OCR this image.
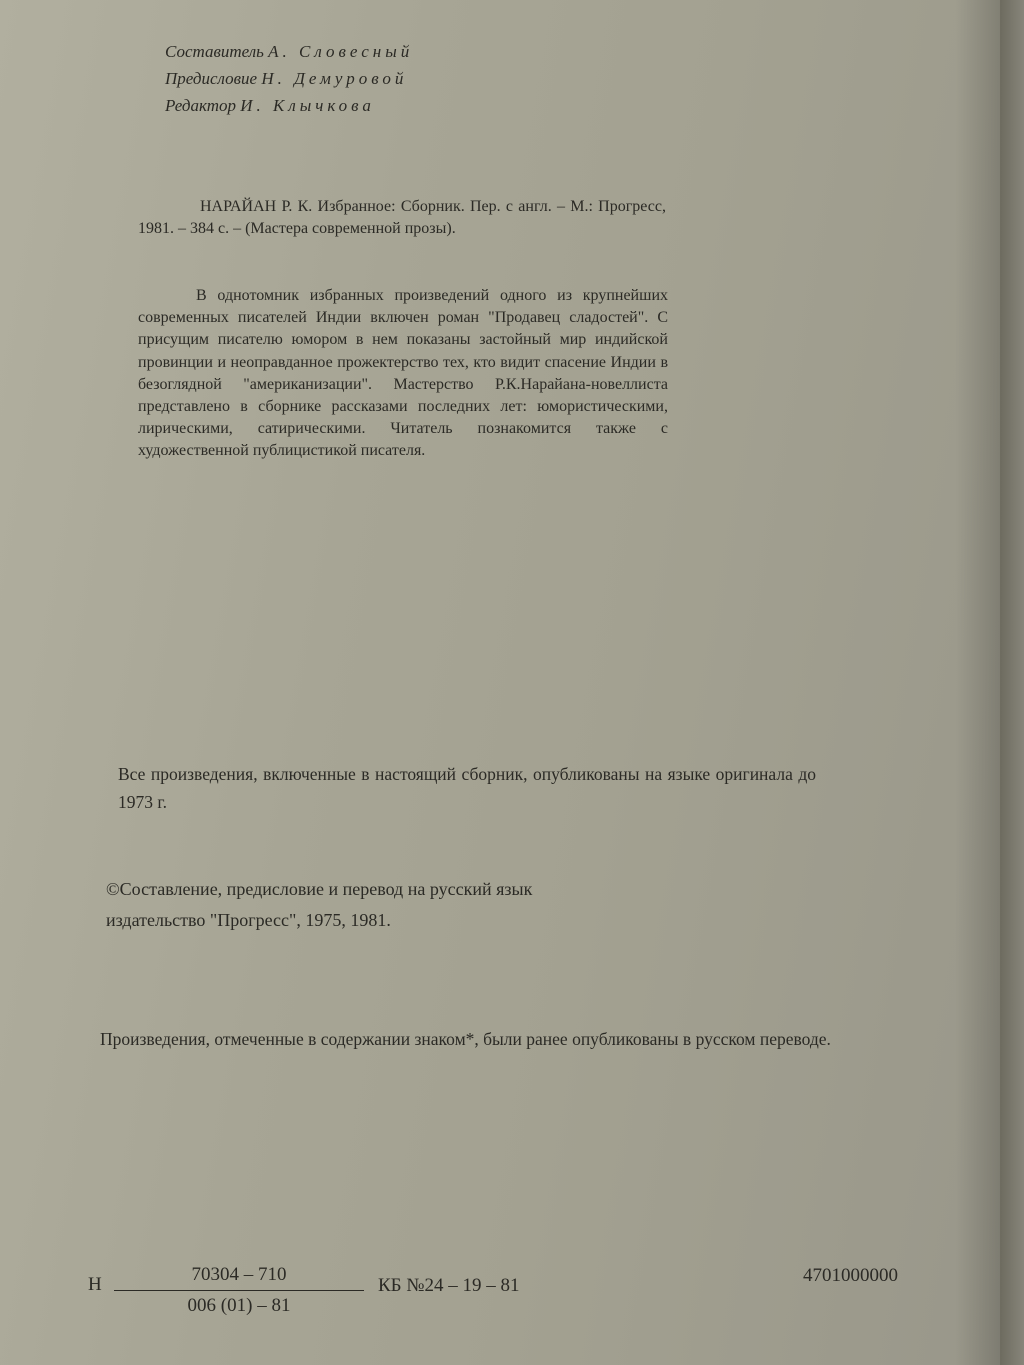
Составитель А. Словесный
Предисловие Н. Демуровой
Редактор И. Клычкова
НАРАЙАН Р. К. Избранное: Сборник. Пер. с англ. – М.: Прогресс, 1981. – 384 с. – (Мастера современной прозы).
В однотомник избранных произведений одного из крупнейших современных писателей Индии включен роман "Продавец сладостей". С присущим писателю юмором в нем показаны застойный мир индийской провинции и неоправданное прожектерство тех, кто видит спасение Индии в безоглядной "американизации". Мастерство Р.К.Нарайана-новеллиста представлено в сборнике рассказами последних лет: юмористическими, лирическими, сатирическими. Читатель познакомится также с художественной публицистикой писателя.
Все произведения, включенные в настоящий сборник, опубликованы на языке оригинала до 1973 г.
©Составление, предисловие и перевод на русский язык
издательство "Прогресс", 1975, 1981.
Произведения, отмеченные в содержании знаком*, были ранее опубликованы в русском переводе.
Н $\frac{70304 - 710}{006 (01) - 81}$ КБ №24 – 19 – 81	4701000000
